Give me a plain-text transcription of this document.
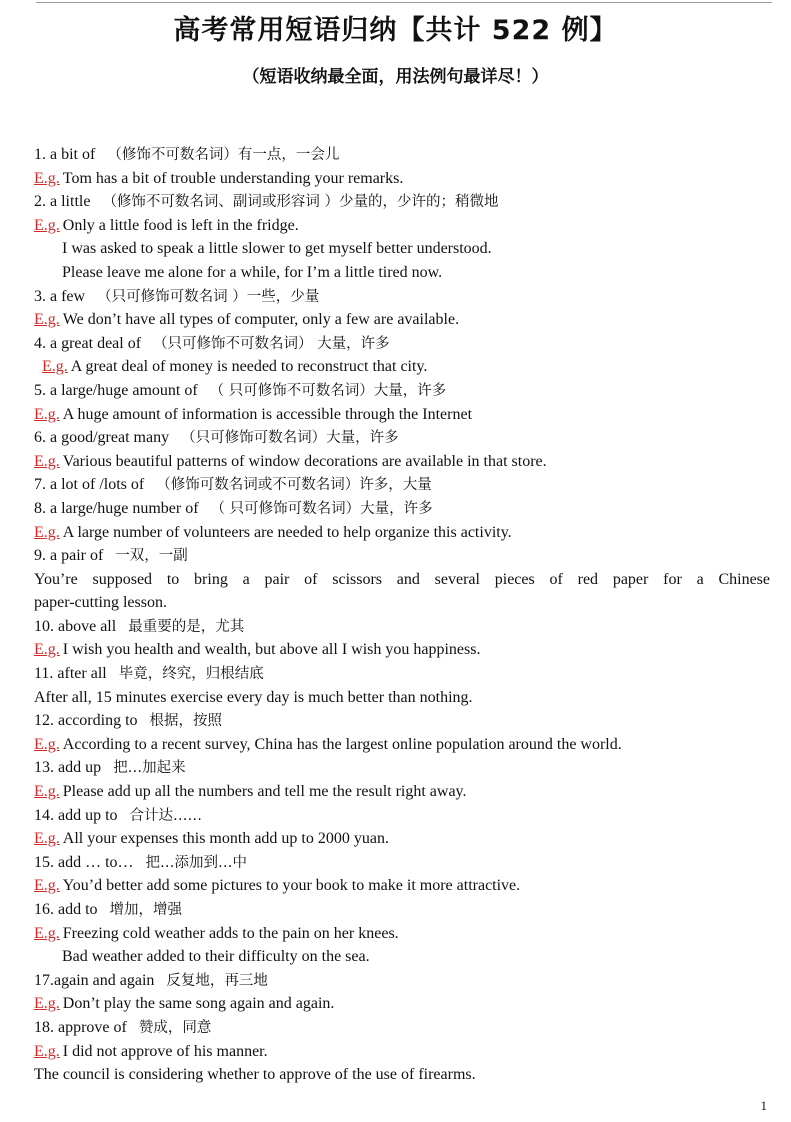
高考常用短语归纳【共计 522 例】
（短语收纳最全面，用法例句最详尽！）
1. a bit of （修饰不可数名词）有一点，一会儿
E.g. Tom has a bit of trouble understanding your remarks.
2. a little （修饰不可数名词、副词或形容词 ）少量的，少许的；稍微地
E.g. Only a little food is left in the fridge.
I was asked to speak a little slower to get myself better understood.
Please leave me alone for a while, for I’m a little tired now.
3. a few （只可修饰可数名词 ）一些，少量
E.g. We don’t have all types of computer, only a few are available.
4. a great deal of （只可修饰不可数名词） 大量，许多
E.g. A great deal of money is needed to reconstruct that city.
5. a large/huge amount of （ 只可修饰不可数名词）大量，许多
E.g. A huge amount of information is accessible through the Internet
6. a good/great many （只可修饰可数名词）大量，许多
E.g. Various beautiful patterns of window decorations are available in that store.
7. a lot of /lots of （修饰可数名词或不可数名词）许多，大量
8. a large/huge number of （ 只可修饰可数名词）大量，许多
E.g. A large number of volunteers are needed to help organize this activity.
9. a pair of 一双，一副
You’re supposed to bring a pair of scissors and several pieces of red paper for a Chinese
paper-cutting lesson.
10. above all 最重要的是，尤其
E.g. I wish you health and wealth, but above all I wish you happiness.
11. after all 毕竟，终究，归根结底
After all, 15 minutes exercise every day is much better than nothing.
12. according to 根据，按照
E.g. According to a recent survey, China has the largest online population around the world.
13. add up 把…加起来
E.g. Please add up all the numbers and tell me the result right away.
14. add up to 合计达……
E.g. All your expenses this month add up to 2000 yuan.
15. add … to… 把…添加到…中
E.g. You’d better add some pictures to your book to make it more attractive.
16. add to 增加，增强
E.g. Freezing cold weather adds to the pain on her knees.
Bad weather added to their difficulty on the sea.
17.again and again 反复地，再三地
E.g. Don’t play the same song again and again.
18. approve of 赞成，同意
E.g. I did not approve of his manner.
The council is considering whether to approve of the use of firearms.
1
